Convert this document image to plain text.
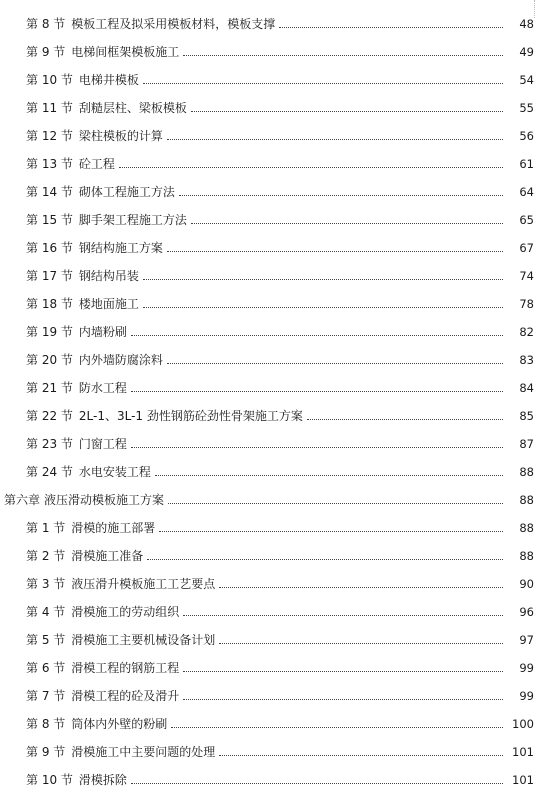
第 8 节 模板工程及拟采用模板材料，模板支撑	48
第 9 节 电梯间框架模板施工	49
第 10 节 电梯井模板	54
第 11 节 刮糙层柱、梁板模板	55
第 12 节 梁柱模板的计算	56
第 13 节 砼工程	61
第 14 节 砌体工程施工方法	64
第 15 节 脚手架工程施工方法	65
第 16 节 钢结构施工方案	67
第 17 节 钢结构吊装	74
第 18 节 楼地面施工	78
第 19 节 内墙粉刷	82
第 20 节 内外墙防腐涂料	83
第 21 节 防水工程	84
第 22 节 2L-1、3L-1 劲性钢筋砼劲性骨架施工方案	85
第 23 节 门窗工程	87
第 24 节 水电安装工程	88
第六章 液压滑动模板施工方案	88
第 1 节 滑模的施工部署	88
第 2 节 滑模施工准备	88
第 3 节 液压滑升模板施工工艺要点	90
第 4 节 滑模施工的劳动组织	96
第 5 节 滑模施工主要机械设备计划	97
第 6 节 滑模工程的钢筋工程	99
第 7 节 滑模工程的砼及滑升	99
第 8 节 筒体内外壁的粉刷	100
第 9 节 滑模施工中主要问题的处理	101
第 10 节 滑模拆除	101
